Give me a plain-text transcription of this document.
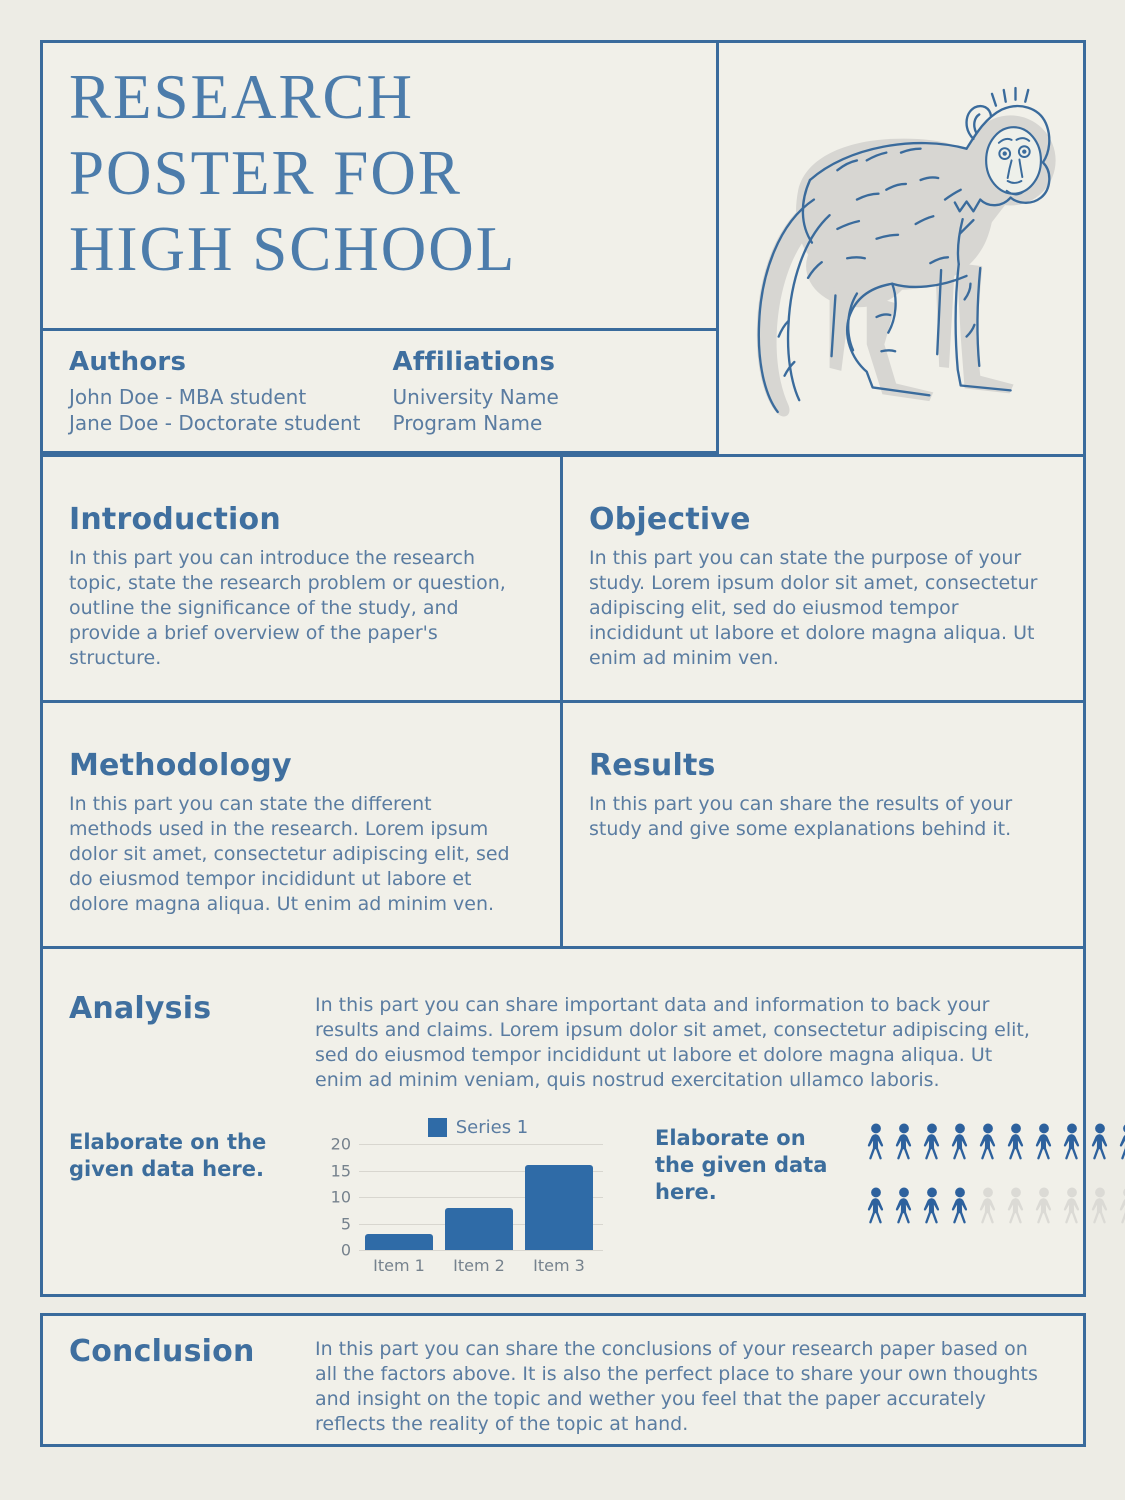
RESEARCH
POSTER FOR
HIGH SCHOOL
Authors
John Doe - MBA student
Jane Doe - Doctorate student
Affiliations
University Name
Program Name
Introduction
In this part you can introduce the research topic, state the research problem or question, outline the significance of the study, and provide a brief overview of the paper's structure.
Objective
In this part you can state the purpose of your study. Lorem ipsum dolor sit amet, consectetur adipiscing elit, sed do eiusmod tempor incididunt ut labore et dolore magna aliqua. Ut enim ad minim ven.
Methodology
In this part you can state the different methods used in the research. Lorem ipsum dolor sit amet, consectetur adipiscing elit, sed do eiusmod tempor incididunt ut labore et dolore magna aliqua. Ut enim ad minim ven.
Results
In this part you can share the results of your study and give some explanations behind it.
Analysis	In this part you can share important data and information to back your results and claims. Lorem ipsum dolor sit amet, consectetur adipiscing elit, sed do eiusmod tempor incididunt ut labore et dolore magna aliqua. Ut enim ad minim veniam, quis nostrud exercitation ullamco laboris.
Elaborate on the given data here.
Series 1
0
5
10
15
20
Item 1	Item 2	Item 3
Elaborate on the given data here.
Conclusion	In this part you can share the conclusions of your research paper based on all the factors above. It is also the perfect place to share your own thoughts and insight on the topic and wether you feel that the paper accurately reflects the reality of the topic at hand.
